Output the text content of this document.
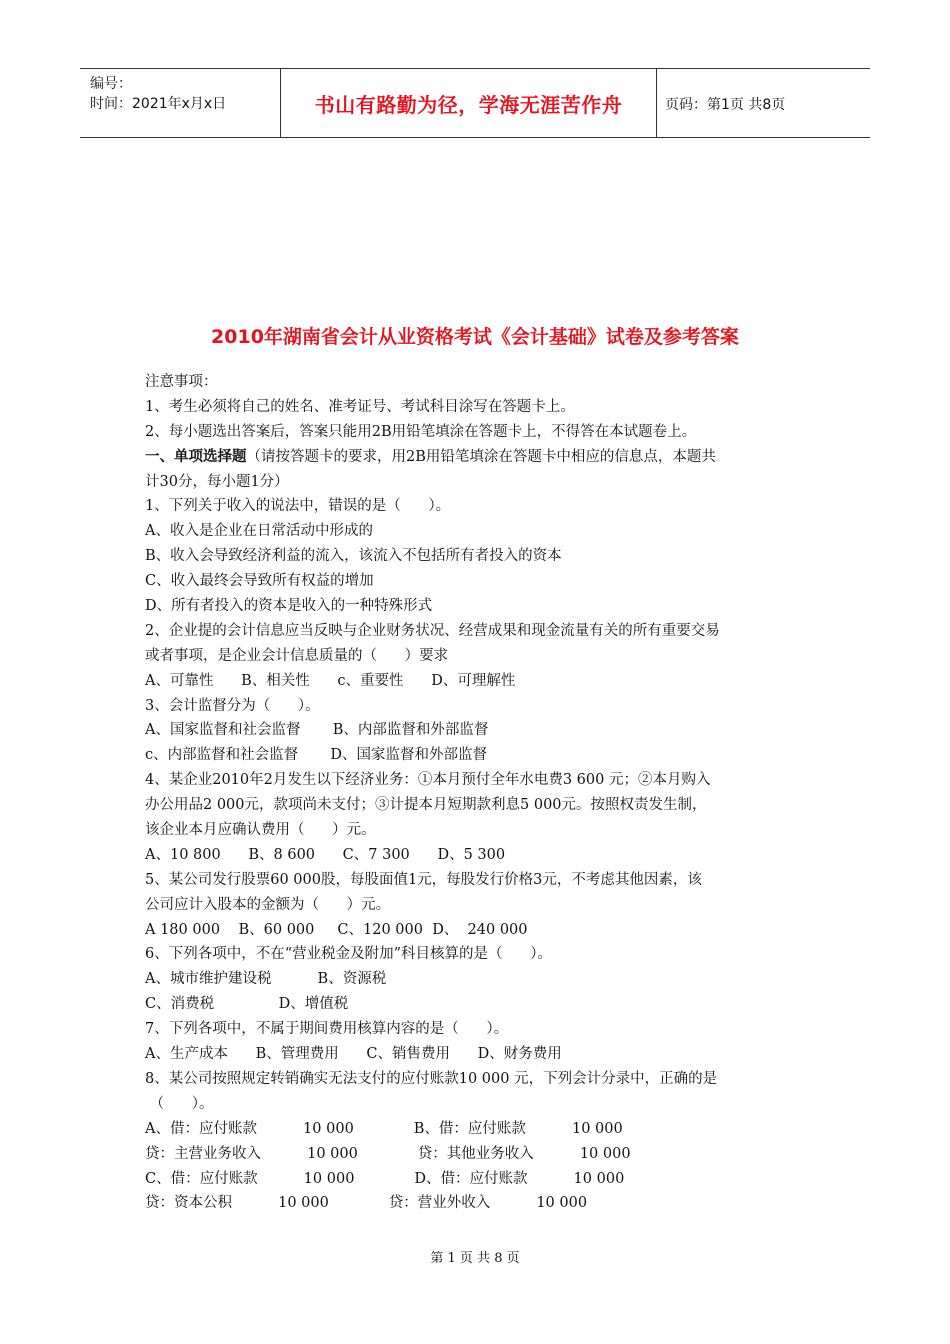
编号：
时间：2021年x月x日	书山有路勤为径，学海无涯苦作舟	页码：第1页 共8页
2010年湖南省会计从业资格考试《会计基础》试卷及参考答案
注意事项：
1、考生必须将自己的姓名、准考证号、考试科目涂写在答题卡上。
2、每小题选出答案后，答案只能用2B用铅笔填涂在答题卡上，不得答在本试题卷上。
一、单项选择题（请按答题卡的要求，用2B用铅笔填涂在答题卡中相应的信息点，本题共
计30分，每小题1分）
1、下列关于收入的说法中，错误的是（      ）。
A、收入是企业在日常活动中形成的
B、收入会导致经济利益的流入，该流入不包括所有者投入的资本
C、收入最终会导致所有权益的增加
D、所有者投入的资本是收入的一种特殊形式
2、企业提的会计信息应当反映与企业财务状况、经营成果和现金流量有关的所有重要交易
或者事项，是企业会计信息质量的（      ）要求
A、可靠性      B、相关性      c、重要性      D、可理解性
3、会计监督分为（      ）。
A、国家监督和社会监督       B、内部监督和外部监督
c、内部监督和社会监督       D、国家监督和外部监督
4、某企业2010年2月发生以下经济业务：①本月预付全年水电费3 600 元；②本月购入
办公用品2 000元，款项尚未支付；③计提本月短期款利息5 000元。按照权责发生制，
该企业本月应确认费用（      ）元。
A、10 800      B、8 600      C、7 300      D、5 300
5、某公司发行股票60 000股，每股面值1元，每股发行价格3元，不考虑其他因素，该
公司应计入股本的金额为（      ）元。
A 180 000    B、60 000     C、120 000  D、  240 000
6、下列各项中，不在“营业税金及附加”科目核算的是（      ）。
A、城市维护建设税          B、资源税
C、消费税              D、增值税
7、下列各项中，不属于期间费用核算内容的是（      ）。
A、生产成本      B、管理费用      C、销售费用      D、财务费用
8、某公司按照规定转销确实无法支付的应付账款10 000 元，下列会计分录中，正确的是
（      ）。
A、借：应付账款          10 000             B、借：应付账款          10 000
贷：主营业务收入          10 000             贷：其他业务收入          10 000
C、借：应付账款          10 000             D、借：应付账款          10 000
贷：资本公积          10 000             贷：营业外收入          10 000
第 1 页 共 8 页
